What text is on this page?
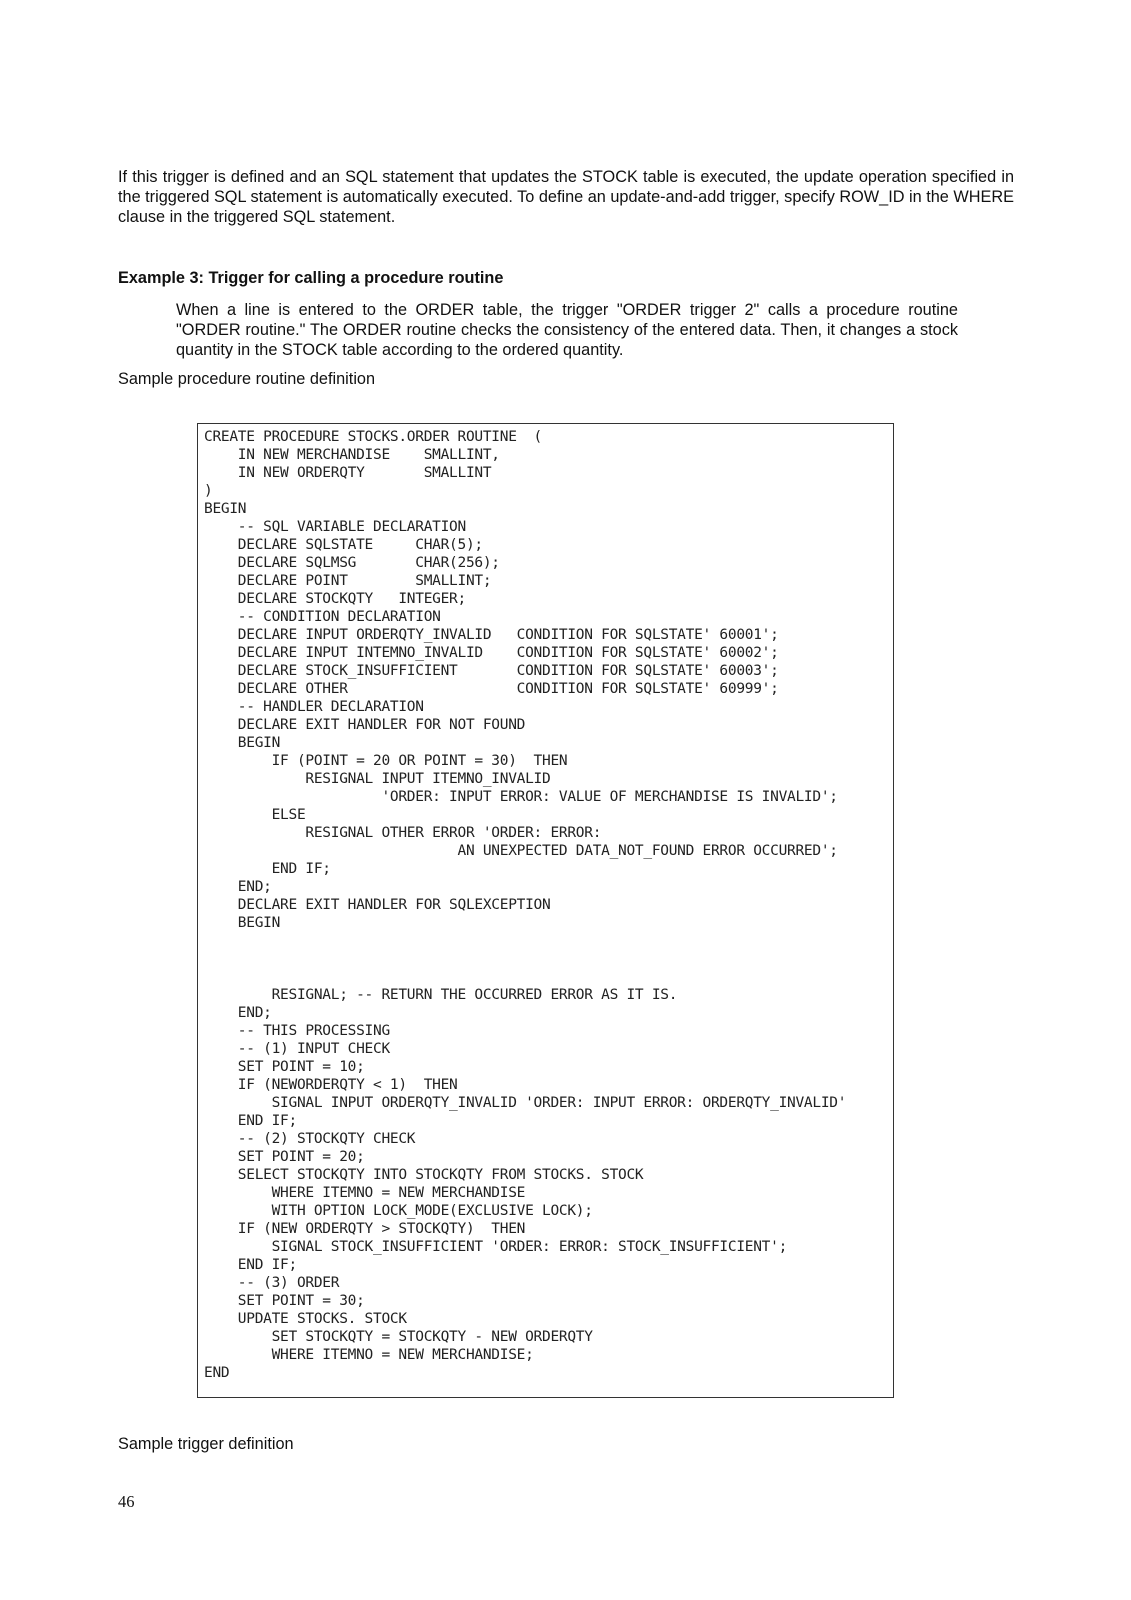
If this trigger is defined and an SQL statement that updates the STOCK table is executed, the update operation specified in the triggered SQL statement is automatically executed. To define an update-and-add trigger, specify ROW_ID in the WHERE clause in the triggered SQL statement.

Example 3: Trigger for calling a procedure routine

When a line is entered to the ORDER table, the trigger "ORDER trigger 2" calls a procedure routine "ORDER routine." The ORDER routine checks the consistency of the entered data. Then, it changes a stock quantity in the STOCK table according to the ordered quantity.

Sample procedure routine definition

CREATE PROCEDURE STOCKS.ORDER ROUTINE  (
IN NEW MERCHANDISE    SMALLINT,
IN NEW ORDERQTY       SMALLINT
)
BEGIN
-- SQL VARIABLE DECLARATION
DECLARE SQLSTATE     CHAR(5);
DECLARE SQLMSG       CHAR(256);
DECLARE POINT        SMALLINT;
DECLARE STOCKQTY   INTEGER;
-- CONDITION DECLARATION
DECLARE INPUT ORDERQTY_INVALID   CONDITION FOR SQLSTATE' 60001';
DECLARE INPUT INTEMNO_INVALID    CONDITION FOR SQLSTATE' 60002';
DECLARE STOCK_INSUFFICIENT       CONDITION FOR SQLSTATE' 60003';
DECLARE OTHER                    CONDITION FOR SQLSTATE' 60999';
-- HANDLER DECLARATION
DECLARE EXIT HANDLER FOR NOT FOUND
BEGIN
IF (POINT = 20 OR POINT = 30)  THEN
RESIGNAL INPUT ITEMNO_INVALID
'ORDER: INPUT ERROR: VALUE OF MERCHANDISE IS INVALID';
ELSE
RESIGNAL OTHER ERROR 'ORDER: ERROR:
AN UNEXPECTED DATA_NOT_FOUND ERROR OCCURRED';
END IF;
END;
DECLARE EXIT HANDLER FOR SQLEXCEPTION
BEGIN

RESIGNAL; -- RETURN THE OCCURRED ERROR AS IT IS.
END;
-- THIS PROCESSING
-- (1) INPUT CHECK
SET POINT = 10;
IF (NEWORDERQTY < 1)  THEN
SIGNAL INPUT ORDERQTY_INVALID 'ORDER: INPUT ERROR: ORDERQTY_INVALID'
END IF;
-- (2) STOCKQTY CHECK
SET POINT = 20;
SELECT STOCKQTY INTO STOCKQTY FROM STOCKS. STOCK
WHERE ITEMNO = NEW MERCHANDISE
WITH OPTION LOCK_MODE(EXCLUSIVE LOCK);
IF (NEW ORDERQTY > STOCKQTY)  THEN
SIGNAL STOCK_INSUFFICIENT 'ORDER: ERROR: STOCK_INSUFFICIENT';
END IF;
-- (3) ORDER
SET POINT = 30;
UPDATE STOCKS. STOCK
SET STOCKQTY = STOCKQTY - NEW ORDERQTY
WHERE ITEMNO = NEW MERCHANDISE;
END

Sample trigger definition

46
